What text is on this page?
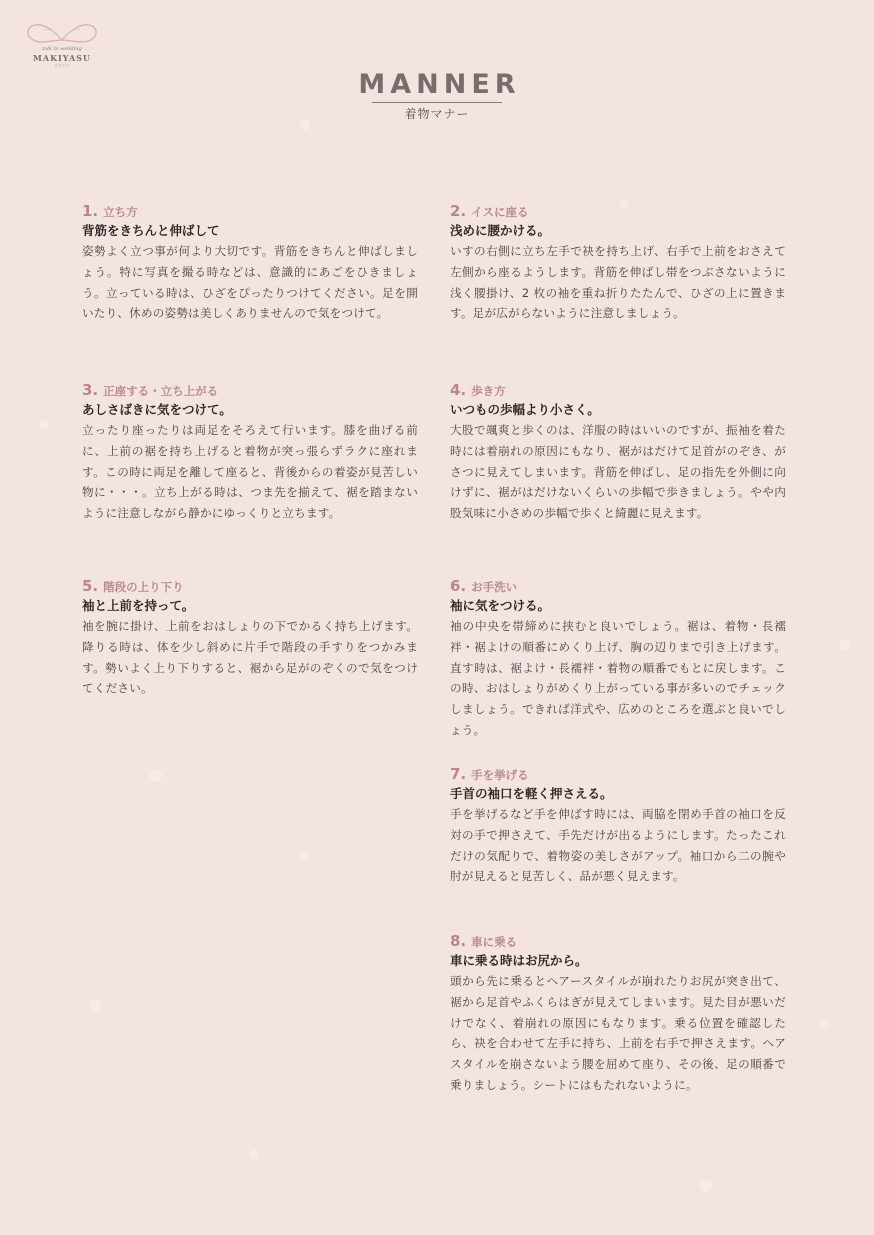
talk to wedding
MAKIYASU
まきやす
MANNER
着物マナー
1. 立ち方
背筋をきちんと伸ばして
姿勢よく立つ事が何より大切です。背筋をきちんと伸ばしましょう。特に写真を撮る時などは、意識的にあごをひきましょう。立っている時は、ひざをぴったりつけてください。足を開いたり、休めの姿勢は美しくありませんので気をつけて。
2. イスに座る
浅めに腰かける。
いすの右側に立ち左手で袂を持ち上げ、右手で上前をおさえて左側から座るようします。背筋を伸ばし帯をつぶさないように浅く腰掛け、2 枚の袖を重ね折りたたんで、ひざの上に置きます。足が広がらないように注意しましょう。
3. 正座する・立ち上がる
あしさばきに気をつけて。
立ったり座ったりは両足をそろえて行います。膝を曲げる前に、上前の裾を持ち上げると着物が突っ張らずラクに座れます。この時に両足を離して座ると、背後からの着姿が見苦しい物に・・・。立ち上がる時は、つま先を揃えて、裾を踏まないように注意しながら静かにゆっくりと立ちます。
4. 歩き方
いつもの歩幅より小さく。
大股で颯爽と歩くのは、洋服の時はいいのですが、振袖を着た時には着崩れの原因にもなり、裾がはだけて足首がのぞき、がさつに見えてしまいます。背筋を伸ばし、足の指先を外側に向けずに、裾がはだけないくらいの歩幅で歩きましょう。やや内股気味に小さめの歩幅で歩くと綺麗に見えます。
5. 階段の上り下り
袖と上前を持って。
袖を腕に掛け、上前をおはしょりの下でかるく持ち上げます。降りる時は、体を少し斜めに片手で階段の手すりをつかみます。勢いよく上り下りすると、裾から足がのぞくので気をつけてください。
6. お手洗い
袖に気をつける。
袖の中央を帯締めに挟むと良いでしょう。裾は、着物・長襦袢・裾よけの順番にめくり上げ、胸の辺りまで引き上げます。直す時は、裾よけ・長襦袢・着物の順番でもとに戻します。この時、おはしょりがめくり上がっている事が多いのでチェックしましょう。できれば洋式や、広めのところを選ぶと良いでしょう。
7. 手を挙げる
手首の袖口を軽く押さえる。
手を挙げるなど手を伸ばす時には、両脇を閉め手首の袖口を反対の手で押さえて、手先だけが出るようにします。たったこれだけの気配りで、着物姿の美しさがアップ。袖口から二の腕や肘が見えると見苦しく、品が悪く見えます。
8. 車に乗る
車に乗る時はお尻から。
頭から先に乗るとヘアースタイルが崩れたりお尻が突き出て、裾から足首やふくらはぎが見えてしまいます。見た目が悪いだけでなく、着崩れの原因にもなります。乗る位置を確認したら、袂を合わせて左手に持ち、上前を右手で押さえます。ヘアスタイルを崩さないよう腰を屈めて座り、その後、足の順番で乗りましょう。シートにはもたれないように。
